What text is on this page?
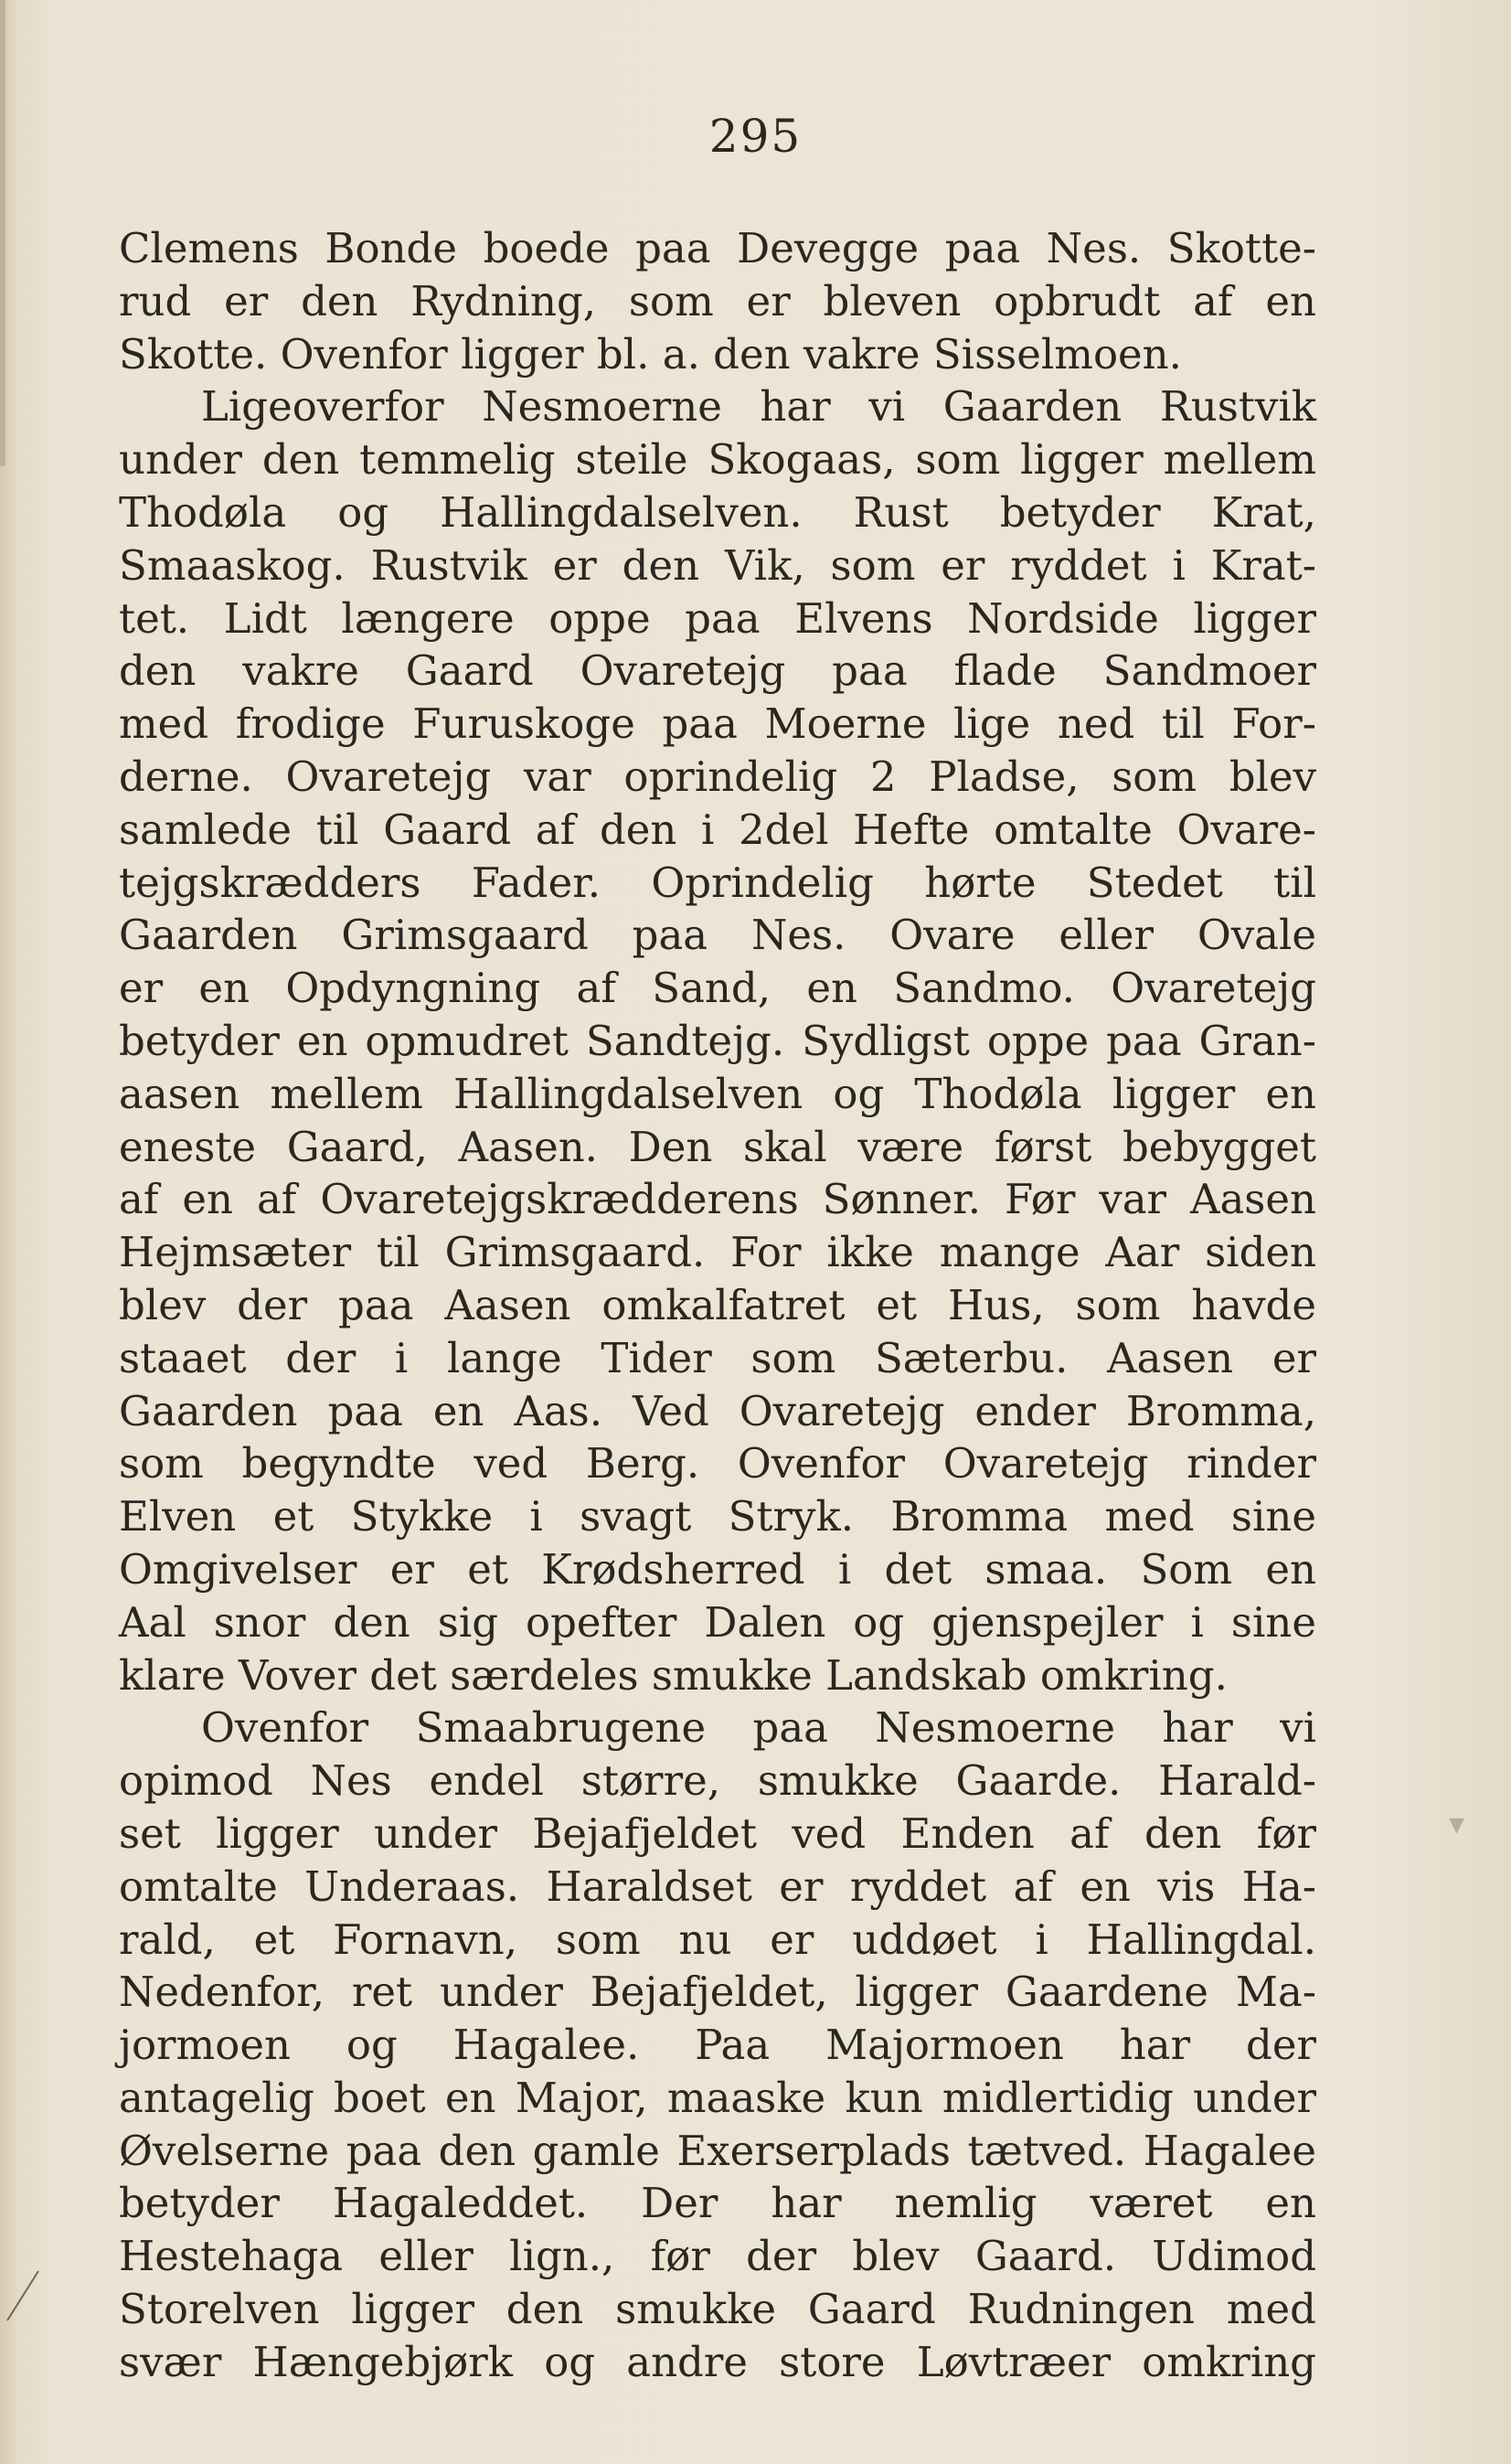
295
Clemens Bonde boede paa Devegge paa Nes. Skotte-
rud er den Rydning, som er bleven opbrudt af en
Skotte. Ovenfor ligger bl. a. den vakre Sisselmoen.
Ligeoverfor Nesmoerne har vi Gaarden Rustvik
under den temmelig steile Skogaas, som ligger mellem
Thodøla og Hallingdalselven. Rust betyder Krat,
Smaaskog. Rustvik er den Vik, som er ryddet i Krat-
tet. Lidt længere oppe paa Elvens Nordside ligger
den vakre Gaard Ovaretejg paa flade Sandmoer
med frodige Furuskoge paa Moerne lige ned til For-
derne. Ovaretejg var oprindelig 2 Pladse, som blev
samlede til Gaard af den i 2del Hefte omtalte Ovare-
tejgskrædders Fader. Oprindelig hørte Stedet til
Gaarden Grimsgaard paa Nes. Ovare eller Ovale
er en Opdyngning af Sand, en Sandmo. Ovaretejg
betyder en opmudret Sandtejg. Sydligst oppe paa Gran-
aasen mellem Hallingdalselven og Thodøla ligger en
eneste Gaard, Aasen. Den skal være først bebygget
af en af Ovaretejgskrædderens Sønner. Før var Aasen
Hejmsæter til Grimsgaard. For ikke mange Aar siden
blev der paa Aasen omkalfatret et Hus, som havde
staaet der i lange Tider som Sæterbu. Aasen er
Gaarden paa en Aas. Ved Ovaretejg ender Bromma,
som begyndte ved Berg. Ovenfor Ovaretejg rinder
Elven et Stykke i svagt Stryk. Bromma med sine
Omgivelser er et Krødsherred i det smaa. Som en
Aal snor den sig opefter Dalen og gjenspejler i sine
klare Vover det særdeles smukke Landskab omkring.
Ovenfor Smaabrugene paa Nesmoerne har vi
opimod Nes endel større, smukke Gaarde. Harald-
set ligger under Bejafjeldet ved Enden af den før
omtalte Underaas. Haraldset er ryddet af en vis Ha-
rald, et Fornavn, som nu er uddøet i Hallingdal.
Nedenfor, ret under Bejafjeldet, ligger Gaardene Ma-
jormoen og Hagalee. Paa Majormoen har der
antagelig boet en Major, maaske kun midlertidig under
Øvelserne paa den gamle Exerserplads tætved. Hagalee
betyder Hagaleddet. Der har nemlig været en
Hestehaga eller lign., før der blev Gaard. Udimod
Storelven ligger den smukke Gaard Rudningen med
svær Hængebjørk og andre store Løvtræer omkring
▾
